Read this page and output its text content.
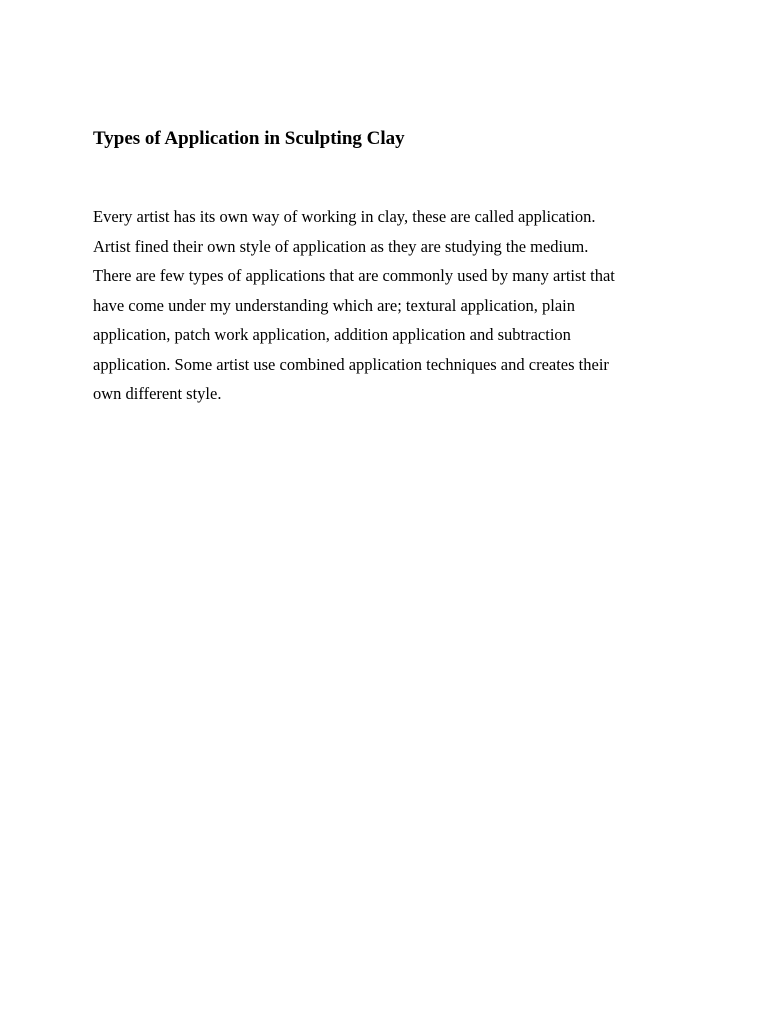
Types of Application in Sculpting Clay

Every artist has its own way of working in clay, these are called application.
Artist fined their own style of application as they are studying the medium.
There are few types of applications that are commonly used by many artist that
have come under my understanding which are; textural application, plain
application, patch work application, addition application and subtraction
application. Some artist use combined application techniques and creates their
own different style.
